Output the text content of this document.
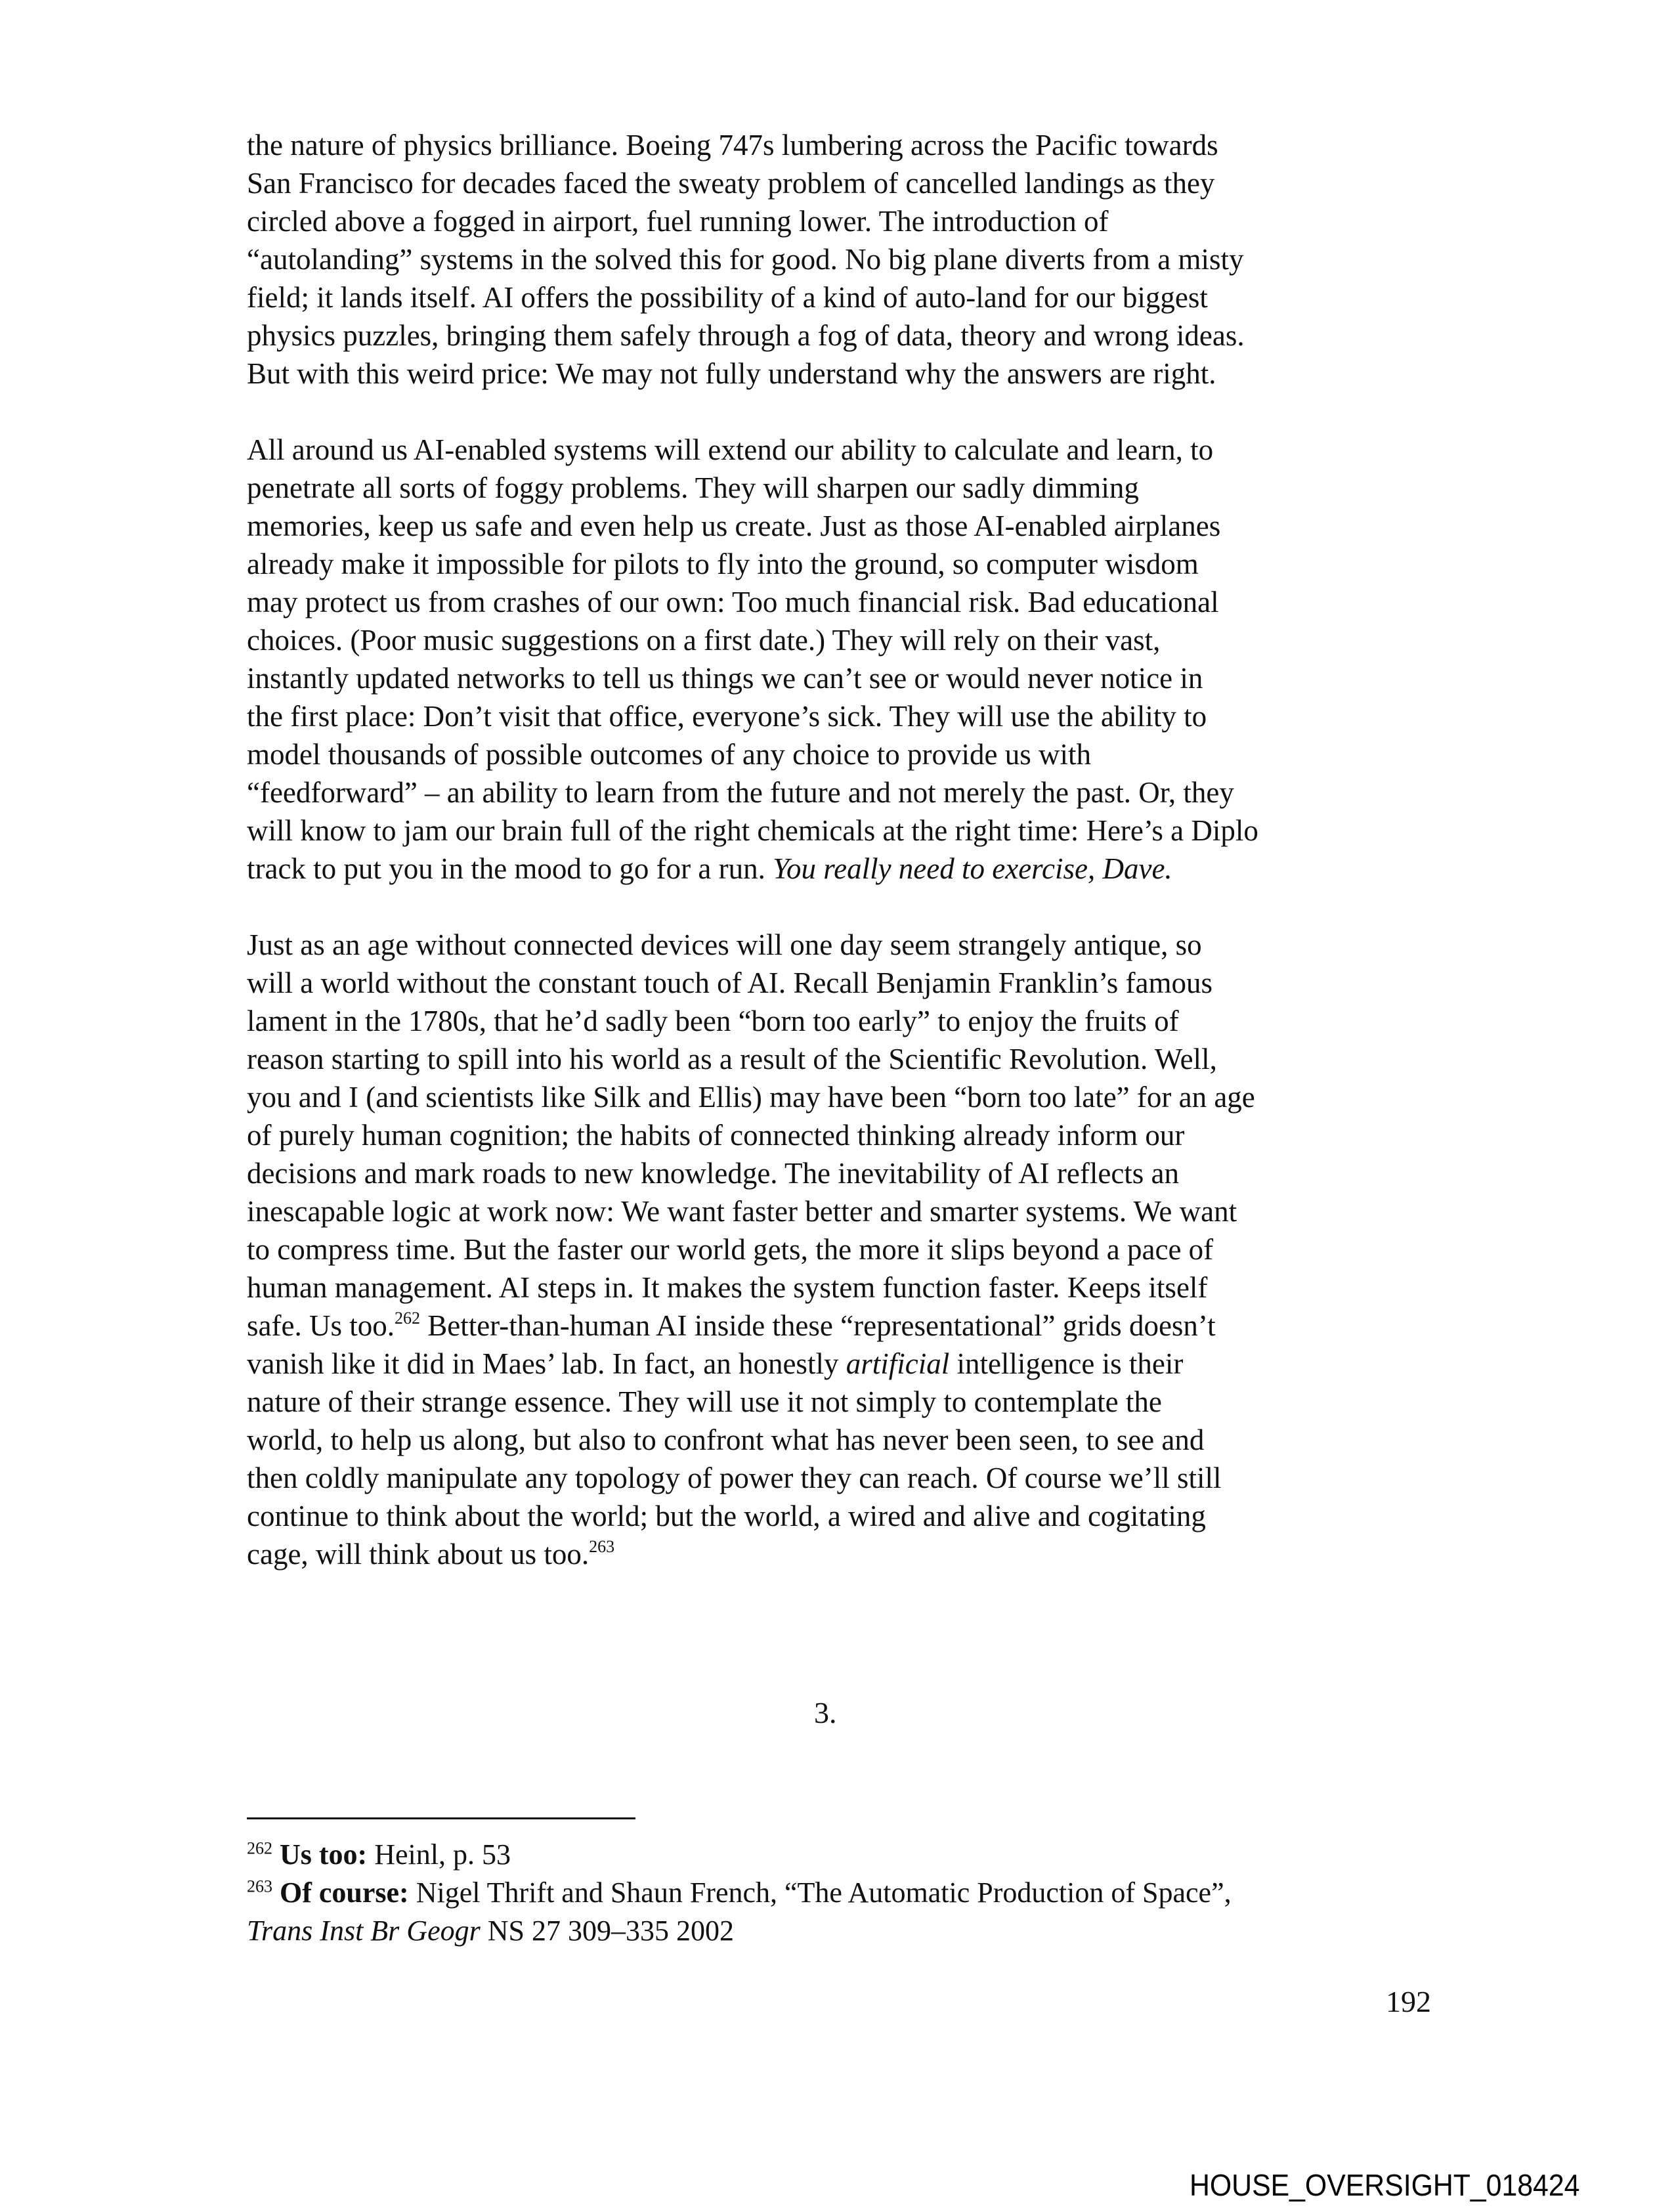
the nature of physics brilliance. Boeing 747s lumbering across the Pacific towards
San Francisco for decades faced the sweaty problem of cancelled landings as they
circled above a fogged in airport, fuel running lower. The introduction of
“autolanding” systems in the solved this for good. No big plane diverts from a misty
field; it lands itself. AI offers the possibility of a kind of auto-land for our biggest
physics puzzles, bringing them safely through a fog of data, theory and wrong ideas.
But with this weird price: We may not fully understand why the answers are right.

All around us AI-enabled systems will extend our ability to calculate and learn, to
penetrate all sorts of foggy problems. They will sharpen our sadly dimming
memories, keep us safe and even help us create. Just as those AI-enabled airplanes
already make it impossible for pilots to fly into the ground, so computer wisdom
may protect us from crashes of our own: Too much financial risk. Bad educational
choices. (Poor music suggestions on a first date.) They will rely on their vast,
instantly updated networks to tell us things we can’t see or would never notice in
the first place: Don’t visit that office, everyone’s sick. They will use the ability to
model thousands of possible outcomes of any choice to provide us with
“feedforward” – an ability to learn from the future and not merely the past. Or, they
will know to jam our brain full of the right chemicals at the right time: Here’s a Diplo
track to put you in the mood to go for a run. You really need to exercise, Dave.

Just as an age without connected devices will one day seem strangely antique, so
will a world without the constant touch of AI. Recall Benjamin Franklin’s famous
lament in the 1780s, that he’d sadly been “born too early” to enjoy the fruits of
reason starting to spill into his world as a result of the Scientific Revolution. Well,
you and I (and scientists like Silk and Ellis) may have been “born too late” for an age
of purely human cognition; the habits of connected thinking already inform our
decisions and mark roads to new knowledge. The inevitability of AI reflects an
inescapable logic at work now: We want faster better and smarter systems. We want
to compress time. But the faster our world gets, the more it slips beyond a pace of
human management. AI steps in. It makes the system function faster. Keeps itself
safe. Us too.$^{262}$ Better-than-human AI inside these “representational” grids doesn’t
vanish like it did in Maes’ lab. In fact, an honestly artificial intelligence is their
nature of their strange essence. They will use it not simply to contemplate the
world, to help us along, but also to confront what has never been seen, to see and
then coldly manipulate any topology of power they can reach. Of course we’ll still
continue to think about the world; but the world, a wired and alive and cogitating
cage, will think about us too.$^{263}$

3.
$^{262}$ Us too: Heinl, p. 53
$^{263}$ Of course: Nigel Thrift and Shaun French, “The Automatic Production of Space”,
Trans Inst Br Geogr NS 27 309–335 2002
192
HOUSE_OVERSIGHT_018424
